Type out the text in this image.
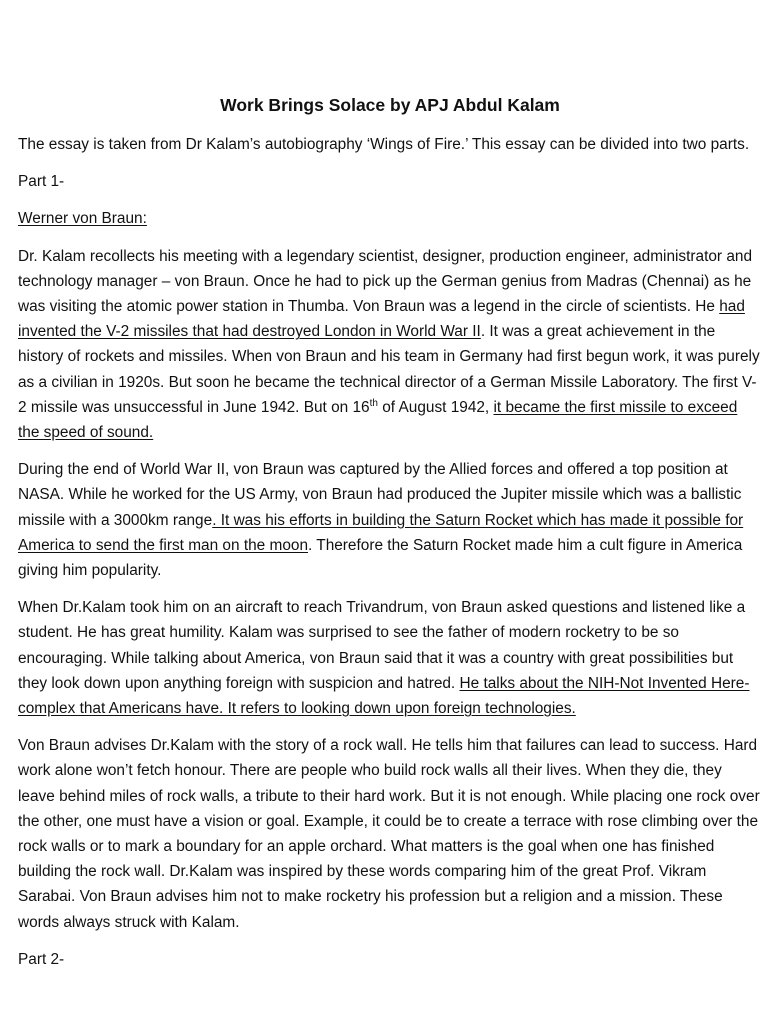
Work Brings Solace by APJ Abdul Kalam

The essay is taken from Dr Kalam’s autobiography ‘Wings of Fire.’ This essay can be divided into two parts.

Part 1-

Werner von Braun:

Dr. Kalam recollects his meeting with a legendary scientist, designer, production engineer, administrator and technology manager – von Braun. Once he had to pick up the German genius from Madras (Chennai) as he was visiting the atomic power station in Thumba. Von Braun was a legend in the circle of scientists. He had invented the V-2 missiles that had destroyed London in World War II. It was a great achievement in the history of rockets and missiles. When von Braun and his team in Germany had first begun work, it was purely as a civilian in 1920s. But soon he became the technical director of a German Missile Laboratory. The first V-2 missile was unsuccessful in June 1942. But on 16th of August 1942, it became the first missile to exceed the speed of sound.

During the end of World War II, von Braun was captured by the Allied forces and offered a top position at NASA. While he worked for the US Army, von Braun had produced the Jupiter missile which was a ballistic missile with a 3000km range. It was his efforts in building the Saturn Rocket which has made it possible for America to send the first man on the moon. Therefore the Saturn Rocket made him a cult figure in America giving him popularity.

When Dr.Kalam took him on an aircraft to reach Trivandrum, von Braun asked questions and listened like a student. He has great humility. Kalam was surprised to see the father of modern rocketry to be so encouraging. While talking about America, von Braun said that it was a country with great possibilities but they look down upon anything foreign with suspicion and hatred. He talks about the NIH-Not Invented Here-complex that Americans have. It refers to looking down upon foreign technologies.

Von Braun advises Dr.Kalam with the story of a rock wall. He tells him that failures can lead to success. Hard work alone won’t fetch honour. There are people who build rock walls all their lives. When they die, they leave behind miles of rock walls, a tribute to their hard work. But it is not enough. While placing one rock over the other, one must have a vision or goal. Example, it could be to create a terrace with rose climbing over the rock walls or to mark a boundary for an apple orchard. What matters is the goal when one has finished building the rock wall. Dr.Kalam was inspired by these words comparing him of the great Prof. Vikram Sarabai. Von Braun advises him not to make rocketry his profession but a religion and a mission. These words always struck with Kalam.

Part 2-
